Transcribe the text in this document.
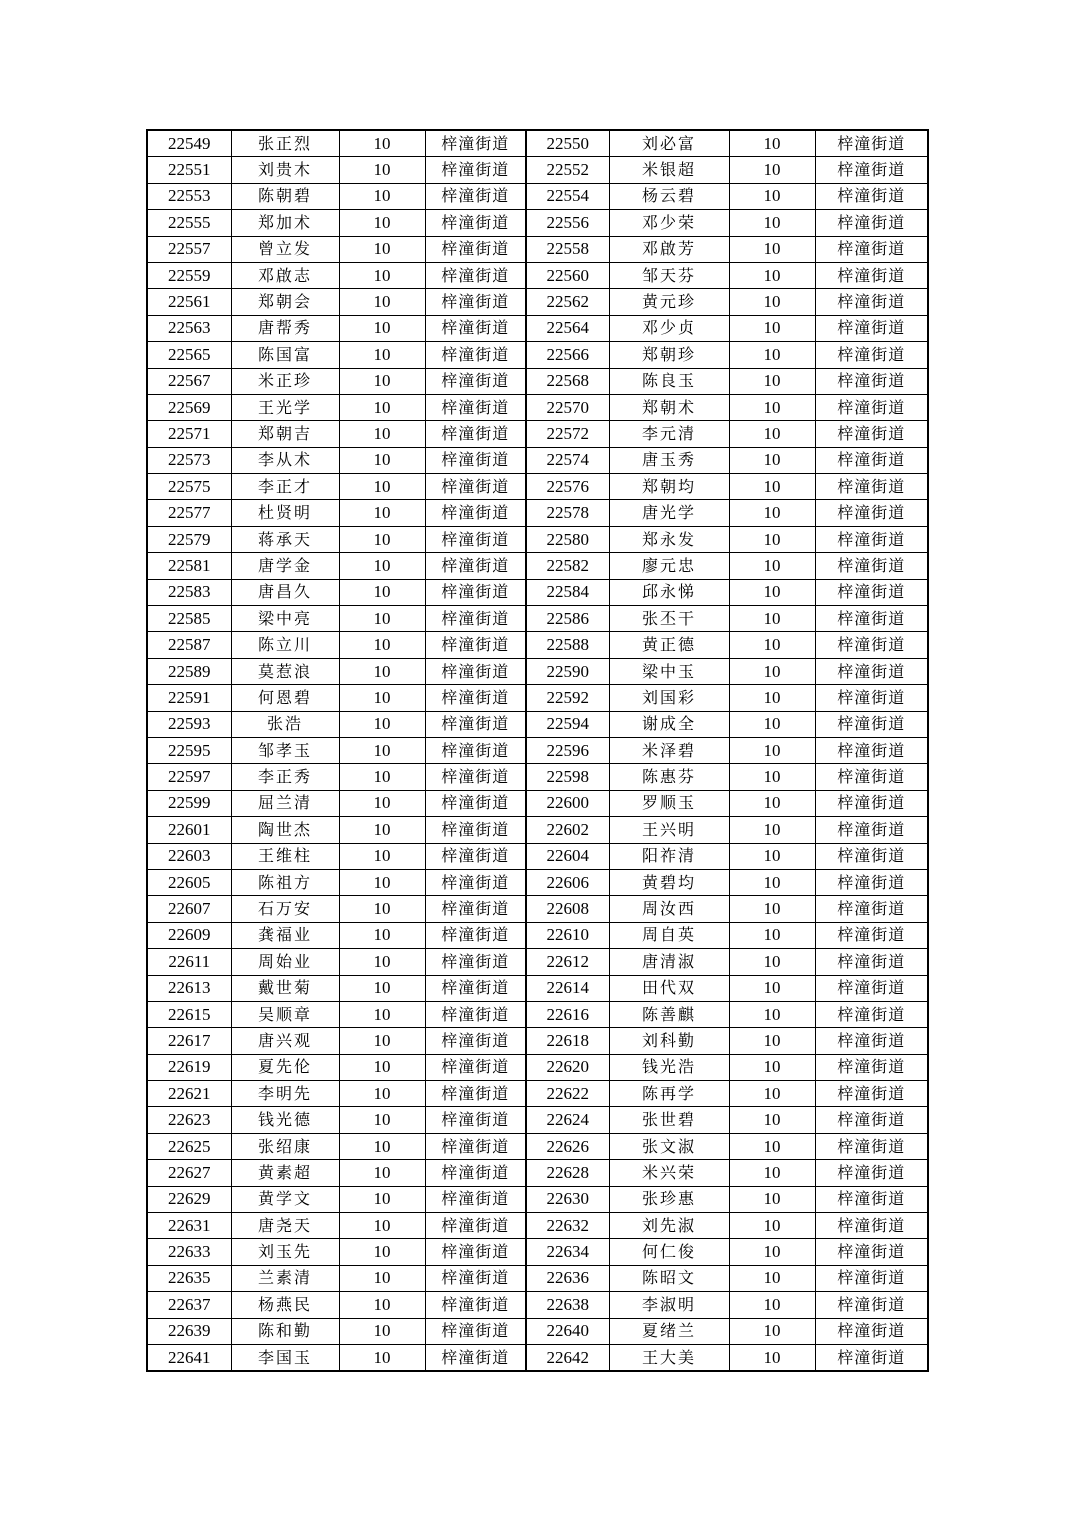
22549	张正烈	10	梓潼街道	22550	刘必富	10	梓潼街道
22551	刘贵木	10	梓潼街道	22552	米银超	10	梓潼街道
22553	陈朝碧	10	梓潼街道	22554	杨云碧	10	梓潼街道
22555	郑加术	10	梓潼街道	22556	邓少荣	10	梓潼街道
22557	曾立发	10	梓潼街道	22558	邓啟芳	10	梓潼街道
22559	邓啟志	10	梓潼街道	22560	邹天芬	10	梓潼街道
22561	郑朝会	10	梓潼街道	22562	黄元珍	10	梓潼街道
22563	唐帮秀	10	梓潼街道	22564	邓少贞	10	梓潼街道
22565	陈国富	10	梓潼街道	22566	郑朝珍	10	梓潼街道
22567	米正珍	10	梓潼街道	22568	陈良玉	10	梓潼街道
22569	王光学	10	梓潼街道	22570	郑朝术	10	梓潼街道
22571	郑朝吉	10	梓潼街道	22572	李元清	10	梓潼街道
22573	李从术	10	梓潼街道	22574	唐玉秀	10	梓潼街道
22575	李正才	10	梓潼街道	22576	郑朝均	10	梓潼街道
22577	杜贤明	10	梓潼街道	22578	唐光学	10	梓潼街道
22579	蒋承天	10	梓潼街道	22580	郑永发	10	梓潼街道
22581	唐学金	10	梓潼街道	22582	廖元忠	10	梓潼街道
22583	唐昌久	10	梓潼街道	22584	邱永悌	10	梓潼街道
22585	梁中亮	10	梓潼街道	22586	张丕干	10	梓潼街道
22587	陈立川	10	梓潼街道	22588	黄正德	10	梓潼街道
22589	莫惹浪	10	梓潼街道	22590	梁中玉	10	梓潼街道
22591	何恩碧	10	梓潼街道	22592	刘国彩	10	梓潼街道
22593	张浩	10	梓潼街道	22594	谢成全	10	梓潼街道
22595	邹孝玉	10	梓潼街道	22596	米泽碧	10	梓潼街道
22597	李正秀	10	梓潼街道	22598	陈惠芬	10	梓潼街道
22599	屈兰清	10	梓潼街道	22600	罗顺玉	10	梓潼街道
22601	陶世杰	10	梓潼街道	22602	王兴明	10	梓潼街道
22603	王维柱	10	梓潼街道	22604	阳祚清	10	梓潼街道
22605	陈祖方	10	梓潼街道	22606	黄碧均	10	梓潼街道
22607	石万安	10	梓潼街道	22608	周汝西	10	梓潼街道
22609	龚福业	10	梓潼街道	22610	周自英	10	梓潼街道
22611	周始业	10	梓潼街道	22612	唐清淑	10	梓潼街道
22613	戴世菊	10	梓潼街道	22614	田代双	10	梓潼街道
22615	吴顺章	10	梓潼街道	22616	陈善麒	10	梓潼街道
22617	唐兴观	10	梓潼街道	22618	刘科勤	10	梓潼街道
22619	夏先伦	10	梓潼街道	22620	钱光浩	10	梓潼街道
22621	李明先	10	梓潼街道	22622	陈再学	10	梓潼街道
22623	钱光德	10	梓潼街道	22624	张世碧	10	梓潼街道
22625	张绍康	10	梓潼街道	22626	张文淑	10	梓潼街道
22627	黄素超	10	梓潼街道	22628	米兴荣	10	梓潼街道
22629	黄学文	10	梓潼街道	22630	张珍惠	10	梓潼街道
22631	唐尧天	10	梓潼街道	22632	刘先淑	10	梓潼街道
22633	刘玉先	10	梓潼街道	22634	何仁俊	10	梓潼街道
22635	兰素清	10	梓潼街道	22636	陈昭文	10	梓潼街道
22637	杨燕民	10	梓潼街道	22638	李淑明	10	梓潼街道
22639	陈和勤	10	梓潼街道	22640	夏绪兰	10	梓潼街道
22641	李国玉	10	梓潼街道	22642	王大美	10	梓潼街道
